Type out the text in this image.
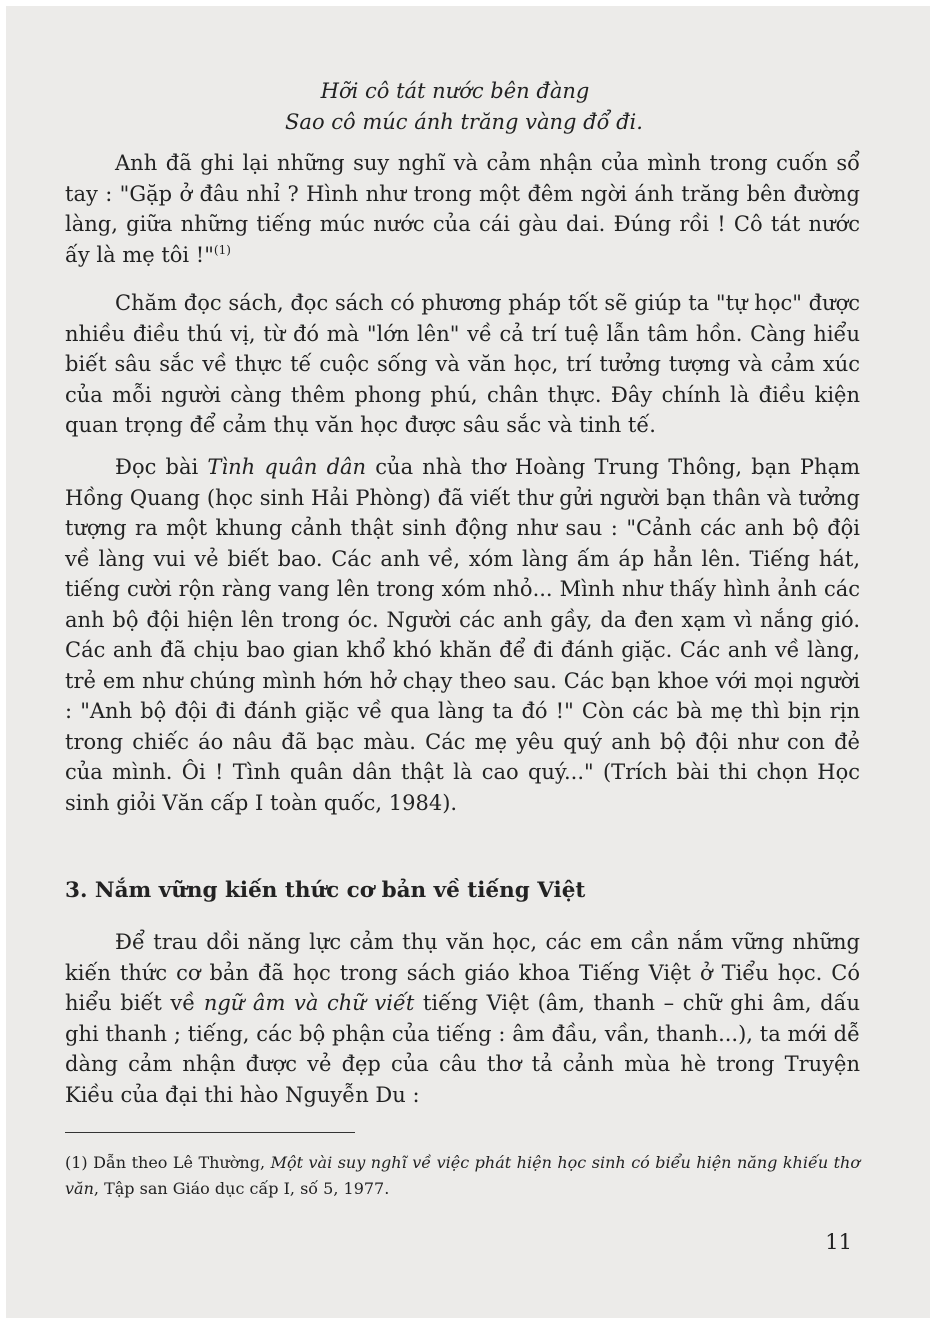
Hỡi cô tát nước bên đàng
Sao cô múc ánh trăng vàng đổ đi.

Anh đã ghi lại những suy nghĩ và cảm nhận của mình trong cuốn sổ tay : "Gặp ở đâu nhỉ ? Hình như trong một đêm ngời ánh trăng bên đường làng, giữa những tiếng múc nước của cái gàu dai. Đúng rồi ! Cô tát nước ấy là mẹ tôi !"$^{(1)}$

Chăm đọc sách, đọc sách có phương pháp tốt sẽ giúp ta "tự học" được nhiều điều thú vị, từ đó mà "lớn lên" về cả trí tuệ lẫn tâm hồn. Càng hiểu biết sâu sắc về thực tế cuộc sống và văn học, trí tưởng tượng và cảm xúc của mỗi người càng thêm phong phú, chân thực. Đây chính là điều kiện quan trọng để cảm thụ văn học được sâu sắc và tinh tế.

Đọc bài Tình quân dân của nhà thơ Hoàng Trung Thông, bạn Phạm Hồng Quang (học sinh Hải Phòng) đã viết thư gửi người bạn thân và tưởng tượng ra một khung cảnh thật sinh động như sau : "Cảnh các anh bộ đội về làng vui vẻ biết bao. Các anh về, xóm làng ấm áp hẳn lên. Tiếng hát, tiếng cười rộn ràng vang lên trong xóm nhỏ... Mình như thấy hình ảnh các anh bộ đội hiện lên trong óc. Người các anh gầy, da đen xạm vì nắng gió. Các anh đã chịu bao gian khổ khó khăn để đi đánh giặc. Các anh về làng, trẻ em như chúng mình hớn hở chạy theo sau. Các bạn khoe với mọi người : "Anh bộ đội đi đánh giặc về qua làng ta đó !" Còn các bà mẹ thì bịn rịn trong chiếc áo nâu đã bạc màu. Các mẹ yêu quý anh bộ đội như con đẻ của mình. Ôi ! Tình quân dân thật là cao quý..." (Trích bài thi chọn Học sinh giỏi Văn cấp I toàn quốc, 1984).

3. Nắm vững kiến thức cơ bản về tiếng Việt

Để trau dồi năng lực cảm thụ văn học, các em cần nắm vững những kiến thức cơ bản đã học trong sách giáo khoa Tiếng Việt ở Tiểu học. Có hiểu biết về ngữ âm và chữ viết tiếng Việt (âm, thanh – chữ ghi âm, dấu ghi thanh ; tiếng, các bộ phận của tiếng : âm đầu, vần, thanh...), ta mới dễ dàng cảm nhận được vẻ đẹp của câu thơ tả cảnh mùa hè trong Truyện Kiều của đại thi hào Nguyễn Du :

(1) Dẫn theo Lê Thường, Một vài suy nghĩ về việc phát hiện học sinh có biểu hiện năng khiếu thơ văn, Tập san Giáo dục cấp I, số 5, 1977.

11
